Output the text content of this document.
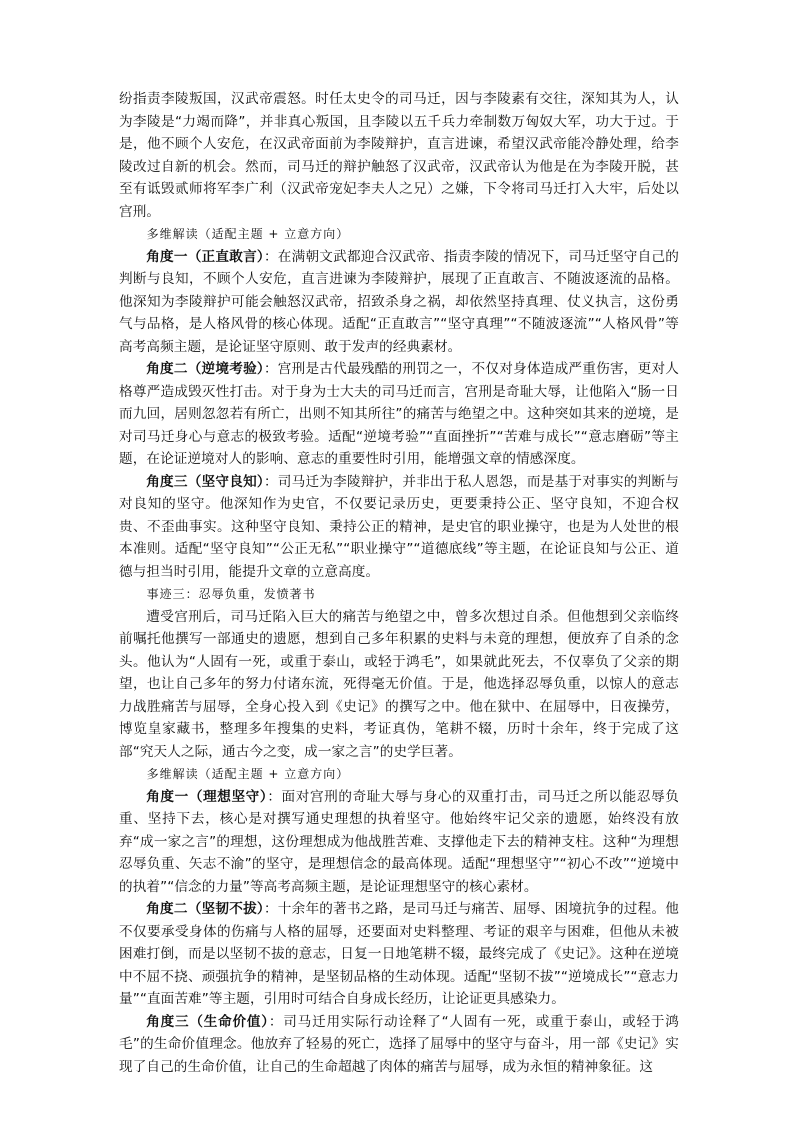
纷指责李陵叛国，汉武帝震怒。时任太史令的司马迁，因与李陵素有交往，深知其为人，认为李陵是“力竭而降”，并非真心叛国，且李陵以五千兵力牵制数万匈奴大军，功大于过。于是，他不顾个人安危，在汉武帝面前为李陵辩护，直言进谏，希望汉武帝能冷静处理，给李陵改过自新的机会。然而，司马迁的辩护触怒了汉武帝，汉武帝认为他是在为李陵开脱，甚至有诋毁贰师将军李广利（汉武帝宠妃李夫人之兄）之嫌，下令将司马迁打入大牢，后处以宫刑。

多维解读（适配主题 + 立意方向）

角度一（正直敢言）：在满朝文武都迎合汉武帝、指责李陵的情况下，司马迁坚守自己的判断与良知，不顾个人安危，直言进谏为李陵辩护，展现了正直敢言、不随波逐流的品格。他深知为李陵辩护可能会触怒汉武帝，招致杀身之祸，却依然坚持真理、仗义执言，这份勇气与品格，是人格风骨的核心体现。适配“正直敢言”“坚守真理”“不随波逐流”“人格风骨”等高考高频主题，是论证坚守原则、敢于发声的经典素材。

角度二（逆境考验）：宫刑是古代最残酷的刑罚之一，不仅对身体造成严重伤害，更对人格尊严造成毁灭性打击。对于身为士大夫的司马迁而言，宫刑是奇耻大辱，让他陷入“肠一日而九回，居则忽忽若有所亡，出则不知其所往”的痛苦与绝望之中。这种突如其来的逆境，是对司马迁身心与意志的极致考验。适配“逆境考验”“直面挫折”“苦难与成长”“意志磨砺”等主题，在论证逆境对人的影响、意志的重要性时引用，能增强文章的情感深度。

角度三（坚守良知）：司马迁为李陵辩护，并非出于私人恩怨，而是基于对事实的判断与对良知的坚守。他深知作为史官，不仅要记录历史，更要秉持公正、坚守良知，不迎合权贵、不歪曲事实。这种坚守良知、秉持公正的精神，是史官的职业操守，也是为人处世的根本准则。适配“坚守良知”“公正无私”“职业操守”“道德底线”等主题，在论证良知与公正、道德与担当时引用，能提升文章的立意高度。

事迹三：忍辱负重，发愤著书

遭受宫刑后，司马迁陷入巨大的痛苦与绝望之中，曾多次想过自杀。但他想到父亲临终前嘱托他撰写一部通史的遗愿，想到自己多年积累的史料与未竟的理想，便放弃了自杀的念头。他认为“人固有一死，或重于泰山，或轻于鸿毛”，如果就此死去，不仅辜负了父亲的期望，也让自己多年的努力付诸东流，死得毫无价值。于是，他选择忍辱负重，以惊人的意志力战胜痛苦与屈辱，全身心投入到《史记》的撰写之中。他在狱中、在屈辱中，日夜操劳，博览皇家藏书，整理多年搜集的史料，考证真伪，笔耕不辍，历时十余年，终于完成了这部“究天人之际，通古今之变，成一家之言”的史学巨著。

多维解读（适配主题 + 立意方向）

角度一（理想坚守）：面对宫刑的奇耻大辱与身心的双重打击，司马迁之所以能忍辱负重、坚持下去，核心是对撰写通史理想的执着坚守。他始终牢记父亲的遗愿，始终没有放弃“成一家之言”的理想，这份理想成为他战胜苦难、支撑他走下去的精神支柱。这种“为理想忍辱负重、矢志不渝”的坚守，是理想信念的最高体现。适配“理想坚守”“初心不改”“逆境中的执着”“信念的力量”等高考高频主题，是论证理想坚守的核心素材。

角度二（坚韧不拔）：十余年的著书之路，是司马迁与痛苦、屈辱、困境抗争的过程。他不仅要承受身体的伤痛与人格的屈辱，还要面对史料整理、考证的艰辛与困难，但他从未被困难打倒，而是以坚韧不拔的意志，日复一日地笔耕不辍，最终完成了《史记》。这种在逆境中不屈不挠、顽强抗争的精神，是坚韧品格的生动体现。适配“坚韧不拔”“逆境成长”“意志力量”“直面苦难”等主题，引用时可结合自身成长经历，让论证更具感染力。

角度三（生命价值）：司马迁用实际行动诠释了“人固有一死，或重于泰山，或轻于鸿毛”的生命价值理念。他放弃了轻易的死亡，选择了屈辱中的坚守与奋斗，用一部《史记》实现了自己的生命价值，让自己的生命超越了肉体的痛苦与屈辱，成为永恒的精神象征。这
